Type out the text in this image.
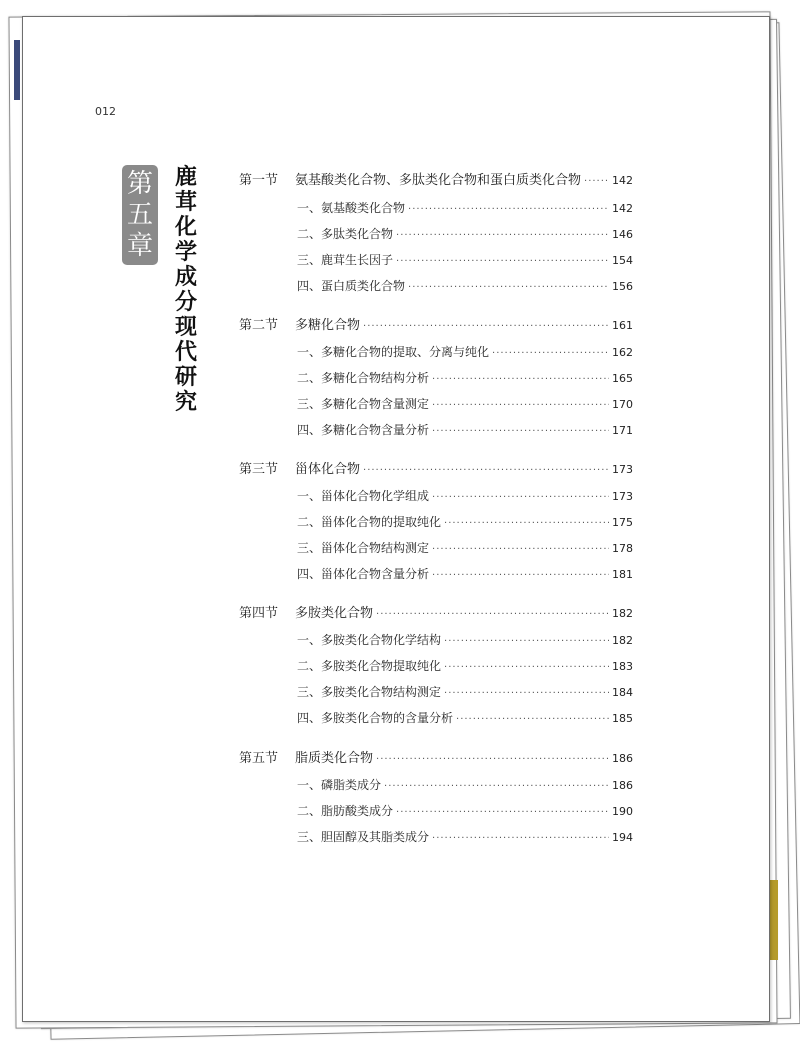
012
第
五
章
鹿
茸
化
学
成
分
现
代
研
究
第一节	氨基酸类化合物、多肽类化合物和蛋白质类化合物 ·····	142
一、氨基酸类化合物 ·····	142
二、多肽类化合物 ·····	146
三、鹿茸生长因子 ·····	154
四、蛋白质类化合物 ·····	156
第二节	多糖化合物 ·····	161
一、多糖化合物的提取、分离与纯化 ·····	162
二、多糖化合物结构分析 ·····	165
三、多糖化合物含量测定 ·····	170
四、多糖化合物含量分析 ·····	171
第三节	甾体化合物 ·····	173
一、甾体化合物化学组成 ·····	173
二、甾体化合物的提取纯化 ·····	175
三、甾体化合物结构测定 ·····	178
四、甾体化合物含量分析 ·····	181
第四节	多胺类化合物 ·····	182
一、多胺类化合物化学结构 ·····	182
二、多胺类化合物提取纯化 ·····	183
三、多胺类化合物结构测定 ·····	184
四、多胺类化合物的含量分析 ·····	185
第五节	脂质类化合物 ·····	186
一、磷脂类成分 ·····	186
二、脂肪酸类成分 ·····	190
三、胆固醇及其脂类成分 ·····	194
